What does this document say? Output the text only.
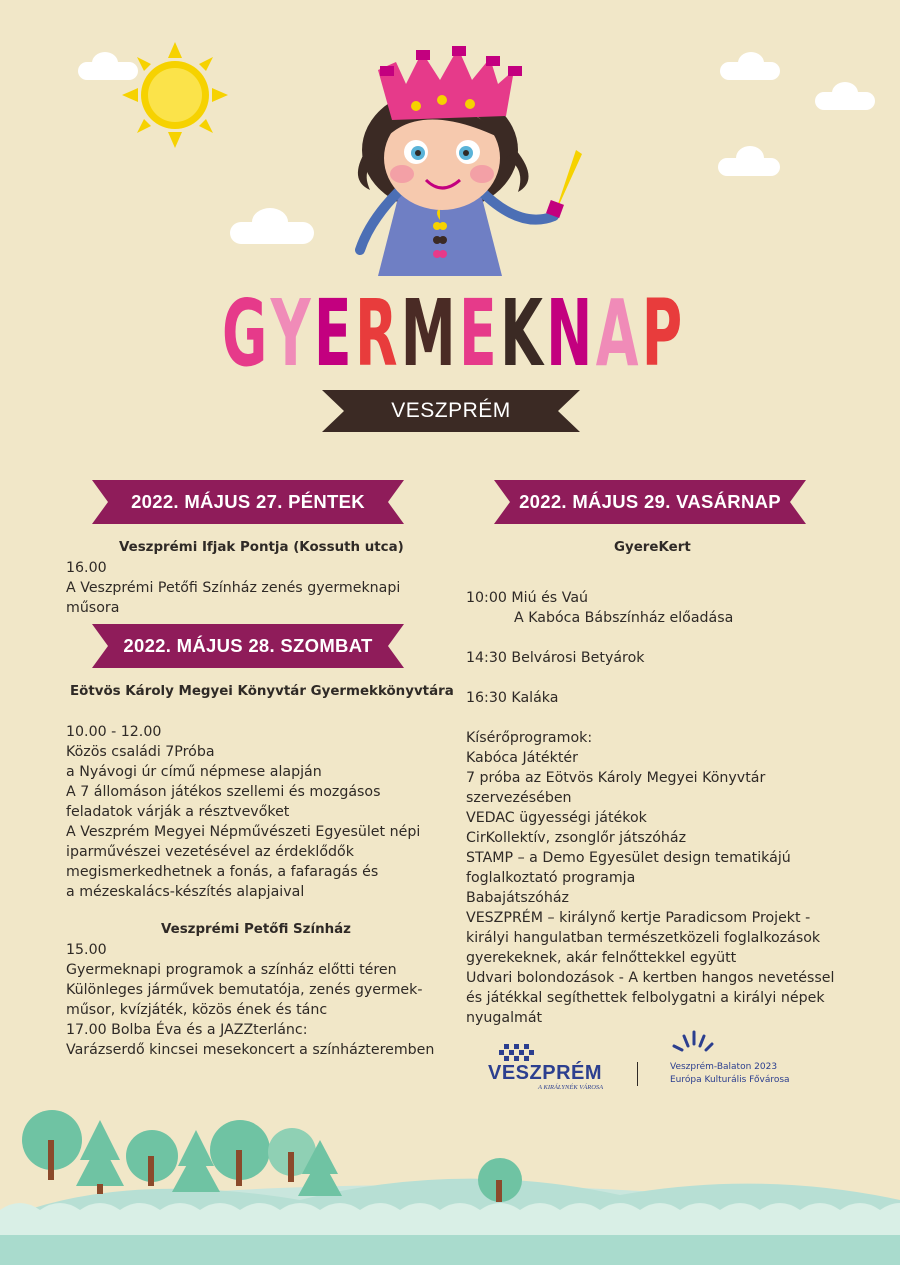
G Y E R M E K N A P
VESZPRÉM
2022. MÁJUS 27. PÉNTEK	2022. MÁJUS 29. VASÁRNAP
Veszprémi Ifjak Pontja (Kossuth utca)
16.00
A Veszprémi Petőfi Színház zenés gyermeknapi
műsora
2022. MÁJUS 28. SZOMBAT
Eötvös Károly Megyei Könyvtár Gyermekkönyvtára
10.00 - 12.00
Közös családi 7Próba
a Nyávogi úr című népmese alapján
A 7 állomáson játékos szellemi és mozgásos
feladatok várják a résztvevőket
A Veszprém Megyei Népművészeti Egyesület népi
iparművészei vezetésével az érdeklődők
megismerkedhetnek a fonás, a fafaragás és
a mézeskalács-készítés alapjaival
Veszprémi Petőfi Színház
15.00
Gyermeknapi programok a színház előtti téren
Különleges járművek bemutatója, zenés gyermek-
műsor, kvízjáték, közös ének és tánc
17.00 Bolba Éva és a JAZZterlánc:
Varázserdő kincsei mesekoncert a színházteremben
GyereKert
10:00 Miú és Vaú
A Kabóca Bábszínház előadása
14:30 Belvárosi Betyárok
16:30 Kaláka
Kísérőprogramok:
Kabóca Játéktér
7 próba az Eötvös Károly Megyei Könyvtár
szervezésében
VEDAC ügyességi játékok
CirKollektív, zsonglőr játszóház
STAMP – a Demo Egyesület design tematikájú
foglalkoztató programja
Babajátszóház
VESZPRÉM – királynő kertje Paradicsom Projekt -
királyi hangulatban természetközeli foglalkozások
gyerekeknek, akár felnőttekkel együtt
Udvari bolondozások - A kertben hangos nevetéssel
és játékkal segíthettek felbolygatni a királyi népek
nyugalmát
VESZPRÉM
A KIRÁLYNÉK VÁROSA
Veszprém-Balaton 2023
Európa Kulturális Fővárosa
